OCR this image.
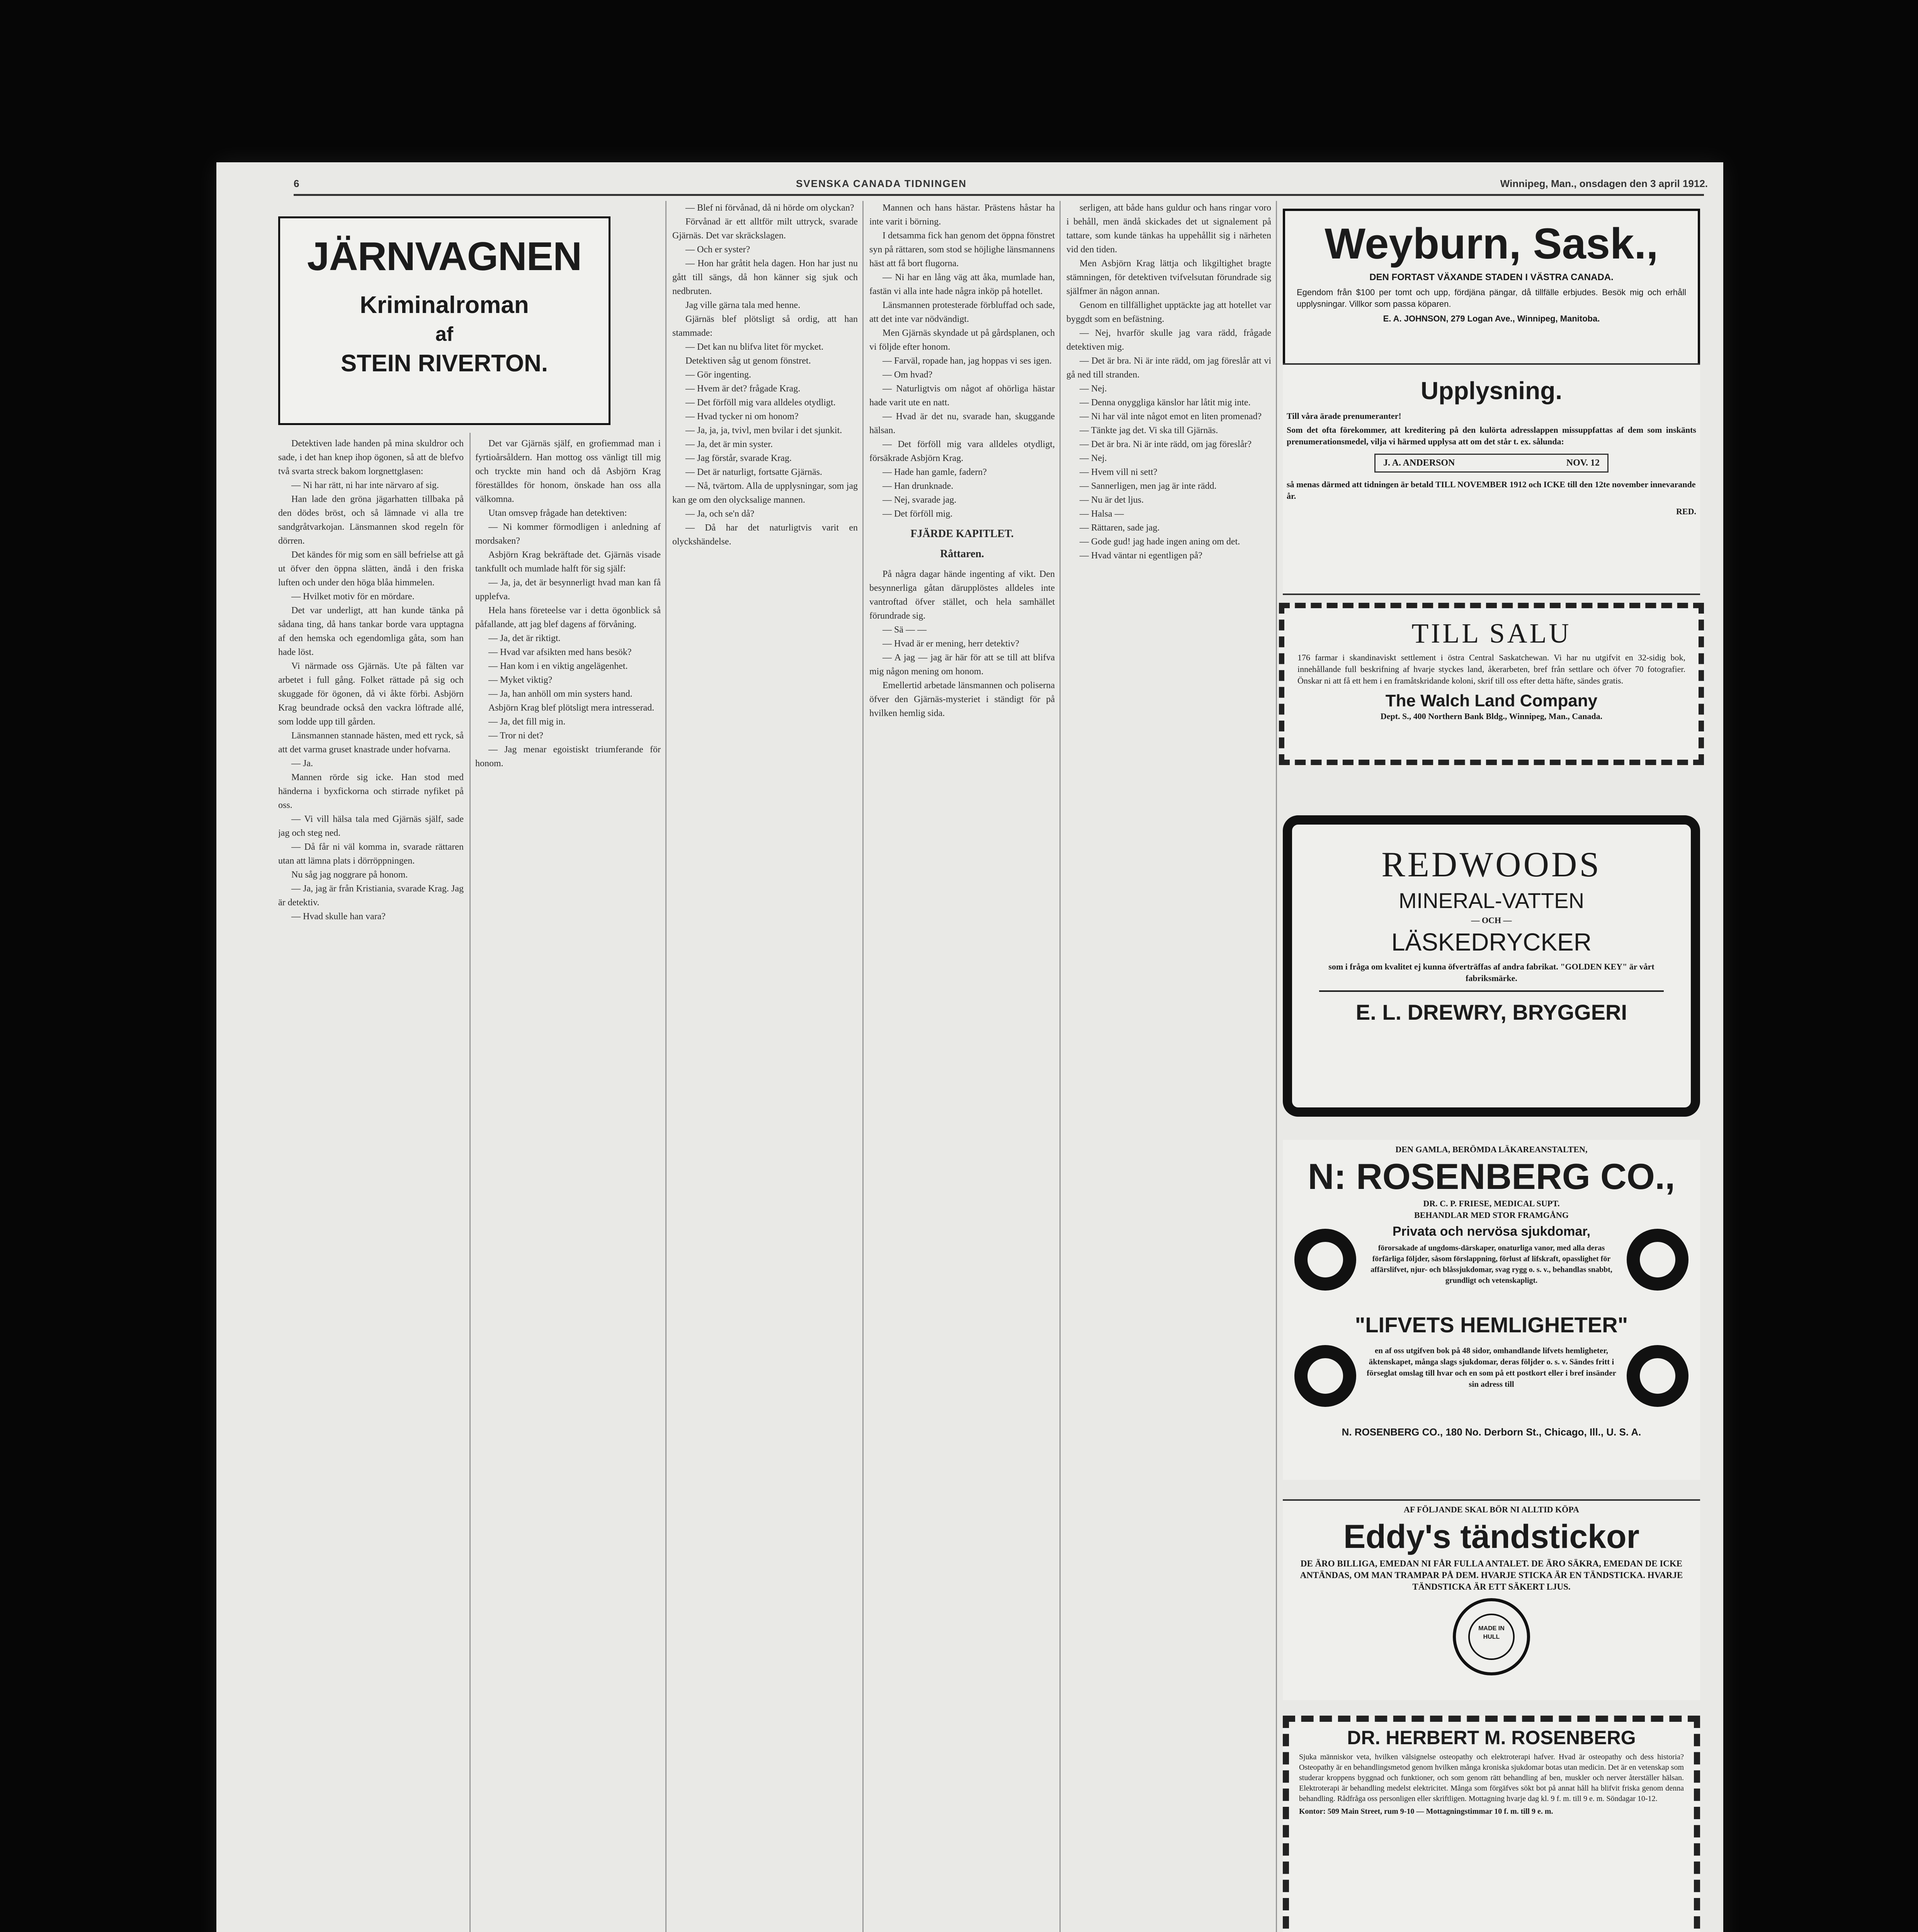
6	SVENSKA CANADA TIDNINGEN	Winnipeg, Man., onsdagen den 3 april 1912.
JÄRNVAGNEN
Kriminalroman
af
STEIN RIVERTON.

Detektiven lade handen på mina skuldror och sade, i det han knep ihop ögonen, så att de blefvo två svarta streck bakom lorgnettglasen:

— Ni har rätt, ni har inte närvaro af sig.

Han lade den gröna jägarhatten tillbaka på den dödes bröst, och så lämnade vi alla tre sandgråtvarkojan. Länsmannen skod regeln för dörren.

Det kändes för mig som en säll befrielse att gå ut öfver den öppna slätten, ändå i den friska luften och under den höga blåa himmelen.

— Hvilket motiv för en mördare.

Det var underligt, att han kunde tänka på sådana ting, då hans tankar borde vara upptagna af den hemska och egendomliga gåta, som han hade löst.

Vi närmade oss Gjärnäs. Ute på fälten var arbetet i full gång. Folket rättade på sig och skuggade för ögonen, då vi åkte förbi. Asbjörn Krag beundrade också den vackra löftrade allé, som lodde upp till gården.

Länsmannen stannade hästen, med ett ryck, så att det varma gruset knastrade under hofvarna.

— Ja.

Mannen rörde sig icke. Han stod med händerna i byxfickorna och stirrade nyfiket på oss.

— Vi vill hälsa tala med Gjärnäs själf, sade jag och steg ned.

— Då får ni väl komma in, svarade rättaren utan att lämna plats i dörröppningen.

Nu såg jag noggrare på honom.

— Ja, jag är från Kristiania, svarade Krag. Jag är detektiv.

— Hvad skulle han vara?

Det var Gjärnäs själf, en grofiemmad man i fyrtioårsåldern. Han mottog oss vänligt till mig och tryckte min hand och då Asbjörn Krag föreställdes för honom, önskade han oss alla välkomna.

Utan omsvep frågade han detektiven:

— Ni kommer förmodligen i anledning af mordsaken?

Asbjörn Krag bekräftade det. Gjärnäs visade tankfullt och mumlade halft för sig själf:

— Ja, ja, det är besynnerligt hvad man kan få upplefva.

Hela hans företeelse var i detta ögonblick så påfallande, att jag blef dagens af förvåning.

— Ja, det är riktigt.

— Hvad var afsikten med hans besök?

— Han kom i en viktig angelägenhet.

— Myket viktig?

— Ja, han anhöll om min systers hand.

Asbjörn Krag blef plötsligt mera intresserad.

— Ja, det fill mig in.

— Tror ni det?

— Jag menar egoistiskt triumferande för honom.

— Blef ni förvånad, då ni hörde om olyckan?

Förvånad är ett alltför milt uttryck, svarade Gjärnäs. Det var skräckslagen.

— Och er syster?

— Hon har gråtit hela dagen. Hon har just nu gått till sängs, då hon känner sig sjuk och nedbruten.

Jag ville gärna tala med henne.

Gjärnäs blef plötsligt så ordig, att han stammade:

— Det kan nu blifva litet för mycket.

Detektiven såg ut genom fönstret.

— Gör ingenting.

— Hvem är det? frågade Krag.

— Det förföll mig vara alldeles otydligt.

— Hvad tycker ni om honom?

— Ja, ja, ja, tvivl, men bvilar i det sjunkit.

— Ja, det är min syster.

— Jag förstår, svarade Krag.

— Det är naturligt, fortsatte Gjärnäs.

— Nå, tvärtom. Alla de upplysningar, som jag kan ge om den olycksalige mannen.

— Ja, och se'n då?

— Då har det naturligtvis varit en olyckshändelse.

Mannen och hans hästar. Prästens håstar ha inte varit i börning.

I detsamma fick han genom det öppna fönstret syn på rättaren, som stod se höjlighe länsmannens häst att få bort flugorna.

— Ni har en lång väg att åka, mumlade han, fastän vi alla inte hade några inköp på hotellet.

Länsmannen protesterade förbluffad och sade, att det inte var nödvändigt.

Men Gjärnäs skyndade ut på gårdsplanen, och vi följde efter honom.

— Farväl, ropade han, jag hoppas vi ses igen.

— Om hvad?

— Naturligtvis om något af ohörliga hästar hade varit ute en natt.

— Hvad är det nu, svarade han, skuggande hälsan.

— Det förföll mig vara alldeles otydligt, försäkrade Asbjörn Krag.

— Hade han gamle, fadern?

— Han drunknade.

— Nej, svarade jag.

— Det förföll mig.

FJÄRDE KAPITLET.
Råttaren.

På några dagar hände ingenting af vikt. Den besynnerliga gåtan därupplöstes alldeles inte vantroftad öfver stället, och hela samhället förundrade sig.

— Sä — —

— Hvad är er mening, herr detektiv?

— A jag — jag är här för att se till att blifva mig någon mening om honom.

Emellertid arbetade länsmannen och poliserna öfver den Gjärnäs-mysteriet i ständigt för på hvilken hemlig sida.

serligen, att både hans guldur och hans ringar voro i behåll, men ändå skickades det ut signalement på tattare, som kunde tänkas ha uppehållit sig i närheten vid den tiden.

Men Asbjörn Krag lättja och likgiltighet bragte stämningen, för detektiven tvifvelsutan förundrade sig själfmer än någon annan.

Genom en tillfällighet upptäckte jag att hotellet var byggdt som en befästning.

— Nej, hvarför skulle jag vara rädd, frågade detektiven mig.

— Det är bra. Ni är inte rädd, om jag föreslår att vi gå ned till stranden.

— Nej.

— Denna onyggliga känslor har låtit mig inte.

— Ni har väl inte något emot en liten promenad?

— Tänkte jag det. Vi ska till Gjärnäs.

— Det är bra. Ni är inte rädd, om jag föreslår?

— Nej.

— Hvem vill ni sett?

— Sannerligen, men jag är inte rädd.

— Nu är det ljus.

— Halsa —

— Rättaren, sade jag.

— Gode gud! jag hade ingen aning om det.

— Hvad väntar ni egentligen på?

Weyburn, Sask.,
DEN FORTAST VÄXANDE STADEN I VÄSTRA CANADA.
Egendom från $100 per tomt och upp, fördjäna pängar, då tillfälle erbjudes. Besök mig och erhåll upplysningar. Villkor som passa köparen.
E. A. JOHNSON, 279 Logan Ave., Winnipeg, Manitoba.
Upplysning.
Till våra ärade prenumeranter!
Som det ofta förekommer, att kreditering på den kulörta adresslappen missuppfattas af dem som inskänts prenumerationsmedel, vilja vi härmed upplysa att om det står t. ex. sålunda:
J. A. ANDERSON	NOV. 12
så menas därmed att tidningen är betald TILL NOVEMBER 1912 och ICKE till den 12te november innevarande år.
RED.
TILL SALU
176 farmar i skandinaviskt settlement i östra Central Saskatchewan. Vi har nu utgifvit en 32-sidig bok, innehållande full beskrifning af hvarje styckes land, åkerarbeten, bref från settlare och öfver 70 fotografier. Önskar ni att få ett hem i en framåtskridande koloni, skrif till oss efter detta häfte, sändes gratis.
The Walch Land Company
Dept. S., 400 Northern Bank Bldg., Winnipeg, Man., Canada.
REDWOODS
MINERAL-VATTEN
— OCH —
LÄSKEDRYCKER
som i fråga om kvalitet ej kunna öfverträffas af andra fabrikat. "GOLDEN KEY" är vårt fabriksmärke.
E. L. DREWRY, BRYGGERI
DEN GAMLA, BERÖMDA LÄKAREANSTALTEN,
N: ROSENBERG CO.,
DR. C. P. FRIESE, MEDICAL SUPT.
BEHANDLAR MED STOR FRAMGÅNG
Privata och nervösa sjukdomar,
förorsakade af ungdoms-därskaper, onaturliga vanor, med alla deras förfärliga följder, såsom förslappning, förlust af lifskraft, opasslighet för affärslifvet, njur- och blåssjukdomar, svag rygg o. s. v., behandlas snabbt, grundligt och vetenskapligt.
"LIFVETS HEMLIGHETER"
en af oss utgifven bok på 48 sidor, omhandlande lifvets hemligheter, äktenskapet, många slags sjukdomar, deras följder o. s. v. Sändes fritt i förseglat omslag till hvar och en som på ett postkort eller i bref insänder sin adress till
N. ROSENBERG CO., 180 No. Derborn St., Chicago, Ill., U. S. A.
AF FÖLJANDE SKAL BÖR NI ALLTID KÖPA
Eddy's tändstickor
DE ÄRO BILLIGA, EMEDAN NI FÅR FULLA ANTALET. DE ÄRO SÄKRA, EMEDAN DE ICKE ANTÄNDAS, OM MAN TRAMPAR PÅ DEM. HVARJE STICKA ÄR EN TÄNDSTICKA. HVARJE TÄNDSTICKA ÄR ETT SÄKERT LJUS.
MADE IN HULL
DR. HERBERT M. ROSENBERG
Sjuka människor veta, hvilken välsignelse osteopathy och elektroterapi hafver. Hvad är osteopathy och dess historia? Osteopathy är en behandlingsmetod genom hvilken många kroniska sjukdomar botas utan medicin. Det är en vetenskap som studerar kroppens byggnad och funktioner, och som genom rätt behandling af ben, muskler och nerver återställer hälsan. Elektroterapi är behandling medelst elektricitet. Många som förgäfves sökt bot på annat håll ha blifvit friska genom denna behandling. Rådfråga oss personligen eller skriftligen. Mottagning hvarje dag kl. 9 f. m. till 9 e. m. Söndagar 10-12.
Kontor: 509 Main Street, rum 9-10 — Mottagningstimmar 10 f. m. till 9 e. m.
